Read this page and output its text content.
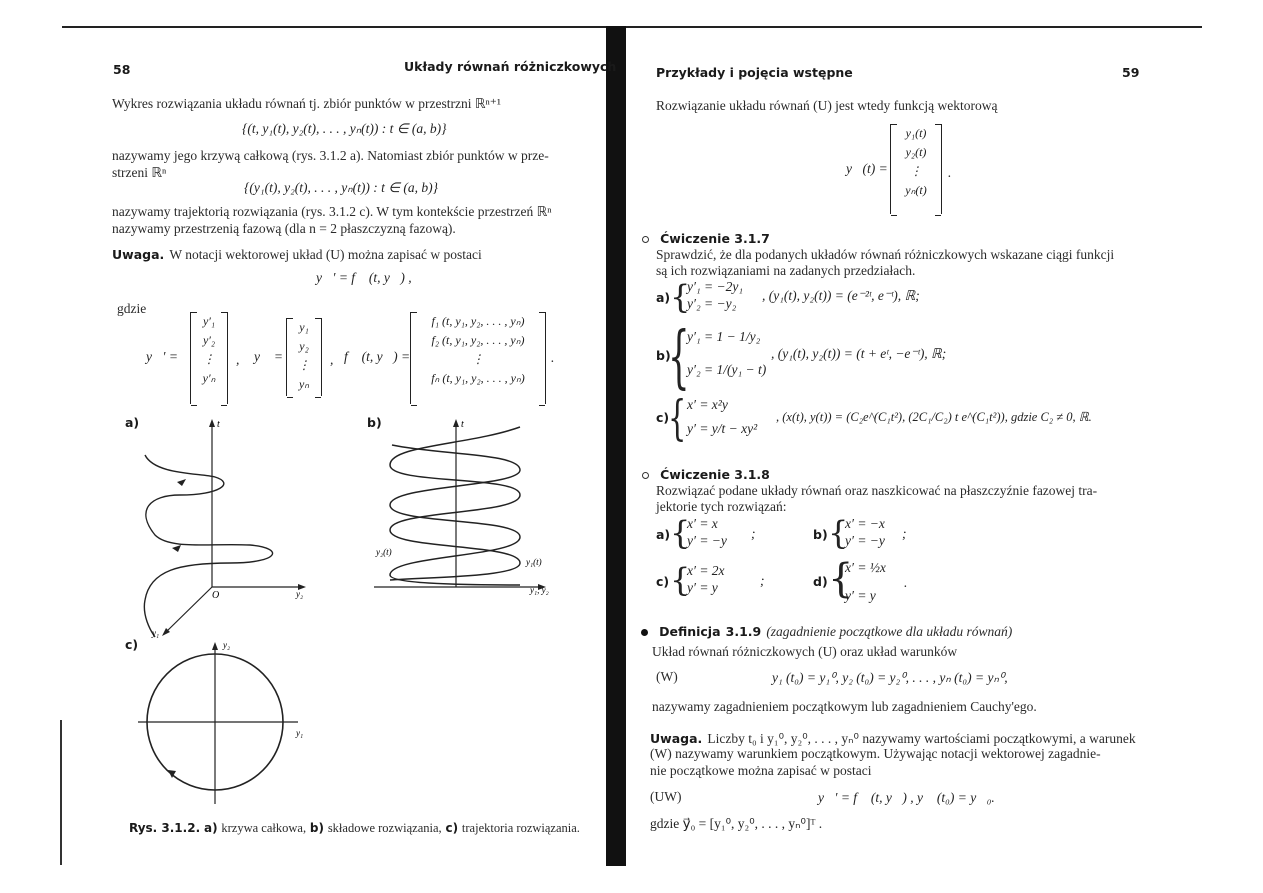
58	Układy równań różniczkowych
Wykres rozwiązania układu równań tj. zbiór punktów w przestrzni ℝⁿ⁺¹
{(t, y₁(t), y₂(t), . . . , yₙ(t)) : t ∈ (a, b)}
nazywamy jego krzywą całkową (rys. 3.1.2 a). Natomiast zbiór punktów w prze-
strzeni ℝⁿ
{(y₁(t), y₂(t), . . . , yₙ(t)) : t ∈ (a, b)}
nazywamy trajektorią rozwiązania (rys. 3.1.2 c). W tym kontekście przestrzeń ℝⁿ
nazywamy przestrzenią fazową (dla n = 2 płaszczyzną fazową).
Uwaga. W notacji wektorowej układ (U) można zapisać w postaci
y⃗′ = f⃗ (t, y⃗) ,
gdzie
y⃗′ =
y′₁
y′₂
⋮
y′ₙ
, y⃗ =
y₁
y₂
⋮
yₙ
, f⃗ (t, y⃗) =
f₁ (t, y₁, y₂, . . . , yₙ)
f₂ (t, y₁, y₂, . . . , yₙ)
⋮
fₙ (t, y₁, y₂, . . . , yₙ)
.
a)	t
O	y₂
y₁
b)	t
y₂(t)
y₁(t)
y₁, y₂
c)	y₂
y₁
Rys. 3.1.2. a) krzywa całkowa, b) składowe rozwiązania, c) trajektoria rozwiązania.
Przykłady i pojęcia wstępne	59
Rozwiązanie układu równań (U) jest wtedy funkcją wektorową
y⃗(t) =
y₁(t)
y₂(t)
⋮
yₙ(t)
.
Ćwiczenie 3.1.7
Sprawdzić, że dla podanych układów równań różniczkowych wskazane ciągi funkcji
są ich rozwiązaniami na zadanych przedziałach.
a) {
y′₁ = −2y₁
y′₂ = −y₂
, (y₁(t), y₂(t)) = (e⁻²ᵗ, e⁻ᵗ), ℝ;
b)
{
y′₁ = 1 − 1/y₂
y′₂ = 1/(y₁ − t)
, (y₁(t), y₂(t)) = (t + eᵗ, −e⁻ᵗ), ℝ;
c)
{ x′ = x²y
y′ = y/t − xy²
, (x(t), y(t)) = (C₂e^(C₁t²), (2C₁/C₂) t e^(C₁t²)), gdzie C₂ ≠ 0, ℝ.
Ćwiczenie 3.1.8
Rozwiązać podane układy równań oraz naszkicować na płaszczyźnie fazowej tra-
jektorie tych rozwiązań:
a) {
x′ = x
y′ = −y ;	b) {
x′ = −x
y′ = −y ;
c) {
x′ = 2x
y′ = y	;	d) {
x′ = ½x
y′ = y
.
Definicja 3.1.9 (zagadnienie początkowe dla układu równań)
Układ równań różniczkowych (U) oraz układ warunków
(W)	y₁ (t₀) = y₁⁰, y₂ (t₀) = y₂⁰, . . . , yₙ (t₀) = yₙ⁰,
nazywamy zagadnieniem początkowym lub zagadnieniem Cauchy'ego.
Uwaga. Liczby t₀ i y₁⁰, y₂⁰, . . . , yₙ⁰ nazywamy wartościami początkowymi, a warunek
(W) nazywamy warunkiem początkowym. Używając notacji wektorowej zagadnie-
nie początkowe można zapisać w postaci
(UW)	y⃗′ = f⃗ (t, y⃗) , y⃗ (t₀) = y⃗₀.
gdzie y⃗₀ = [y₁⁰, y₂⁰, . . . , yₙ⁰]ᵀ .
